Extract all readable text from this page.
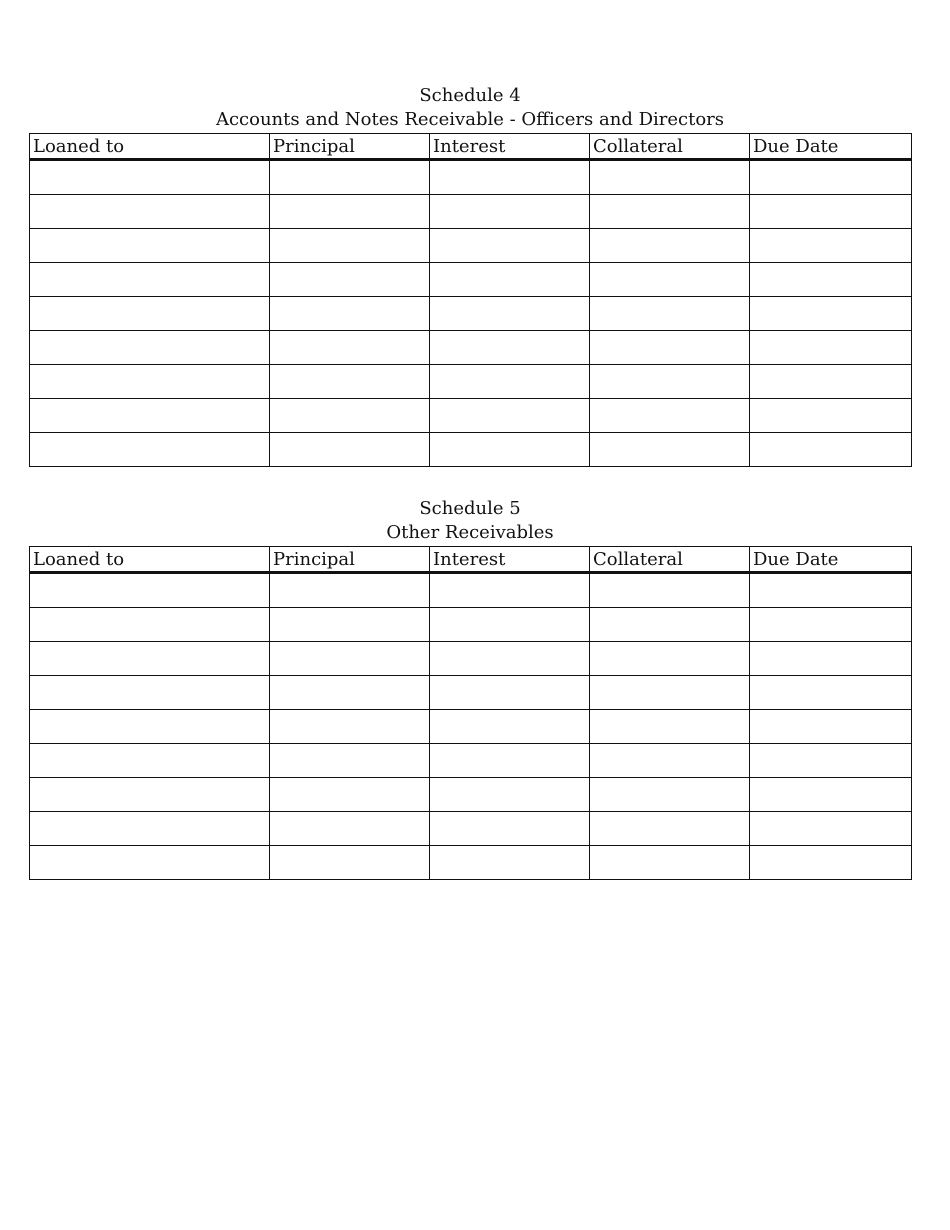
Schedule 4
Accounts and Notes Receivable - Officers and Directors
Loaned to	Principal	Interest	Collateral	Due Date

Schedule 5
Other Receivables
Loaned to	Principal	Interest	Collateral	Due Date
